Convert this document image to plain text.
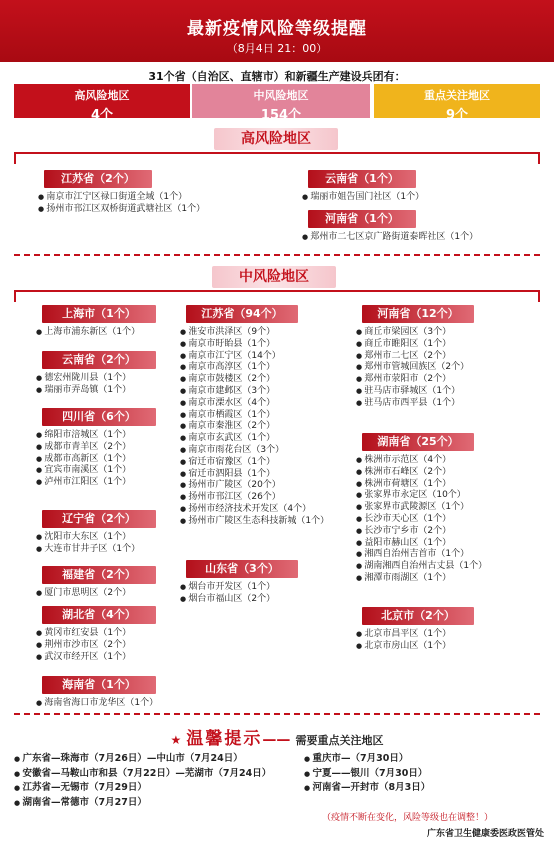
最新疫情风险等级提醒
（8月4日 21：00）
31个省（自治区、直辖市）和新疆生产建设兵团有：
高风险地区
4个
中风险地区
154个
重点关注地区
9个
高风险地区
江苏省（2个）
● 南京市江宁区禄口街道全域（1个）
● 扬州市邗江区双桥街道武塘社区（1个）
云南省（1个）
● 瑞丽市姐告国门社区（1个）
河南省（1个）
● 郑州市二七区京广路街道泰晖社区（1个）
中风险地区
上海市（1个）
● 上海市浦东新区（1个）
云南省（2个）
● 德宏州陇川县（1个）
● 瑞丽市弄岛镇（1个）
四川省（6个）
● 绵阳市涪城区（1个）
● 成都市青羊区（2个）
● 成都市高新区（1个）
● 宜宾市南溪区（1个）
● 泸州市江阳区（1个）
辽宁省（2个）
● 沈阳市大东区（1个）
● 大连市甘井子区（1个）
福建省（2个）
● 厦门市思明区（2个）
湖北省（4个）
● 黄冈市红安县（1个）
● 荆州市沙市区（2个）
● 武汉市经开区（1个）
海南省（1个）
● 海南省海口市龙华区（1个）
江苏省（94个）
● 淮安市洪泽区（9个）
● 南京市盱眙县（1个）
● 南京市江宁区（14个）
● 南京市高淳区（1个）
● 南京市鼓楼区（2个）
● 南京市建邺区（3个）
● 南京市溧水区（4个）
● 南京市栖霞区（1个）
● 南京市秦淮区（2个）
● 南京市玄武区（1个）
● 南京市雨花台区（3个）
● 宿迁市宿豫区（1个）
● 宿迁市泗阳县（1个）
● 扬州市广陵区（20个）
● 扬州市邗江区（26个）
● 扬州市经济技术开发区（4个）
● 扬州市广陵区生态科技新城（1个）
山东省（3个）
● 烟台市开发区（1个）
● 烟台市福山区（2个）
河南省（12个）
● 商丘市梁园区（3个）
● 商丘市睢阳区（1个）
● 郑州市二七区（2个）
● 郑州市管城回族区（2个）
● 郑州市荥阳市（2个）
● 驻马店市驿城区（1个）
● 驻马店市西平县（1个）
湖南省（25个）
● 株洲市示范区（4个）
● 株洲市石峰区（2个）
● 株洲市荷塘区（1个）
● 张家界市永定区（10个）
● 张家界市武陵源区（1个）
● 长沙市天心区（1个）
● 长沙市宁乡市（2个）
● 益阳市赫山区（1个）
● 湘西自治州吉首市（1个）
● 湖南湘西自治州古丈县（1个）
● 湘潭市雨湖区（1个）
北京市（2个）
● 北京市昌平区（1个）
● 北京市房山区（1个）
★ 温馨提示—— 需要重点关注地区
● 广东省—珠海市（7月26日）—中山市（7月24日）
● 安徽省—马鞍山市和县（7月22日）—芜湖市（7月24日）
● 江苏省—无锡市（7月29日）
● 湖南省—常德市（7月27日）
● 重庆市—（7月30日）
● 宁夏——银川（7月30日）
● 河南省—开封市（8月3日）
（疫情不断在变化，风险等级也在调整！）
广东省卫生健康委医政医管处
